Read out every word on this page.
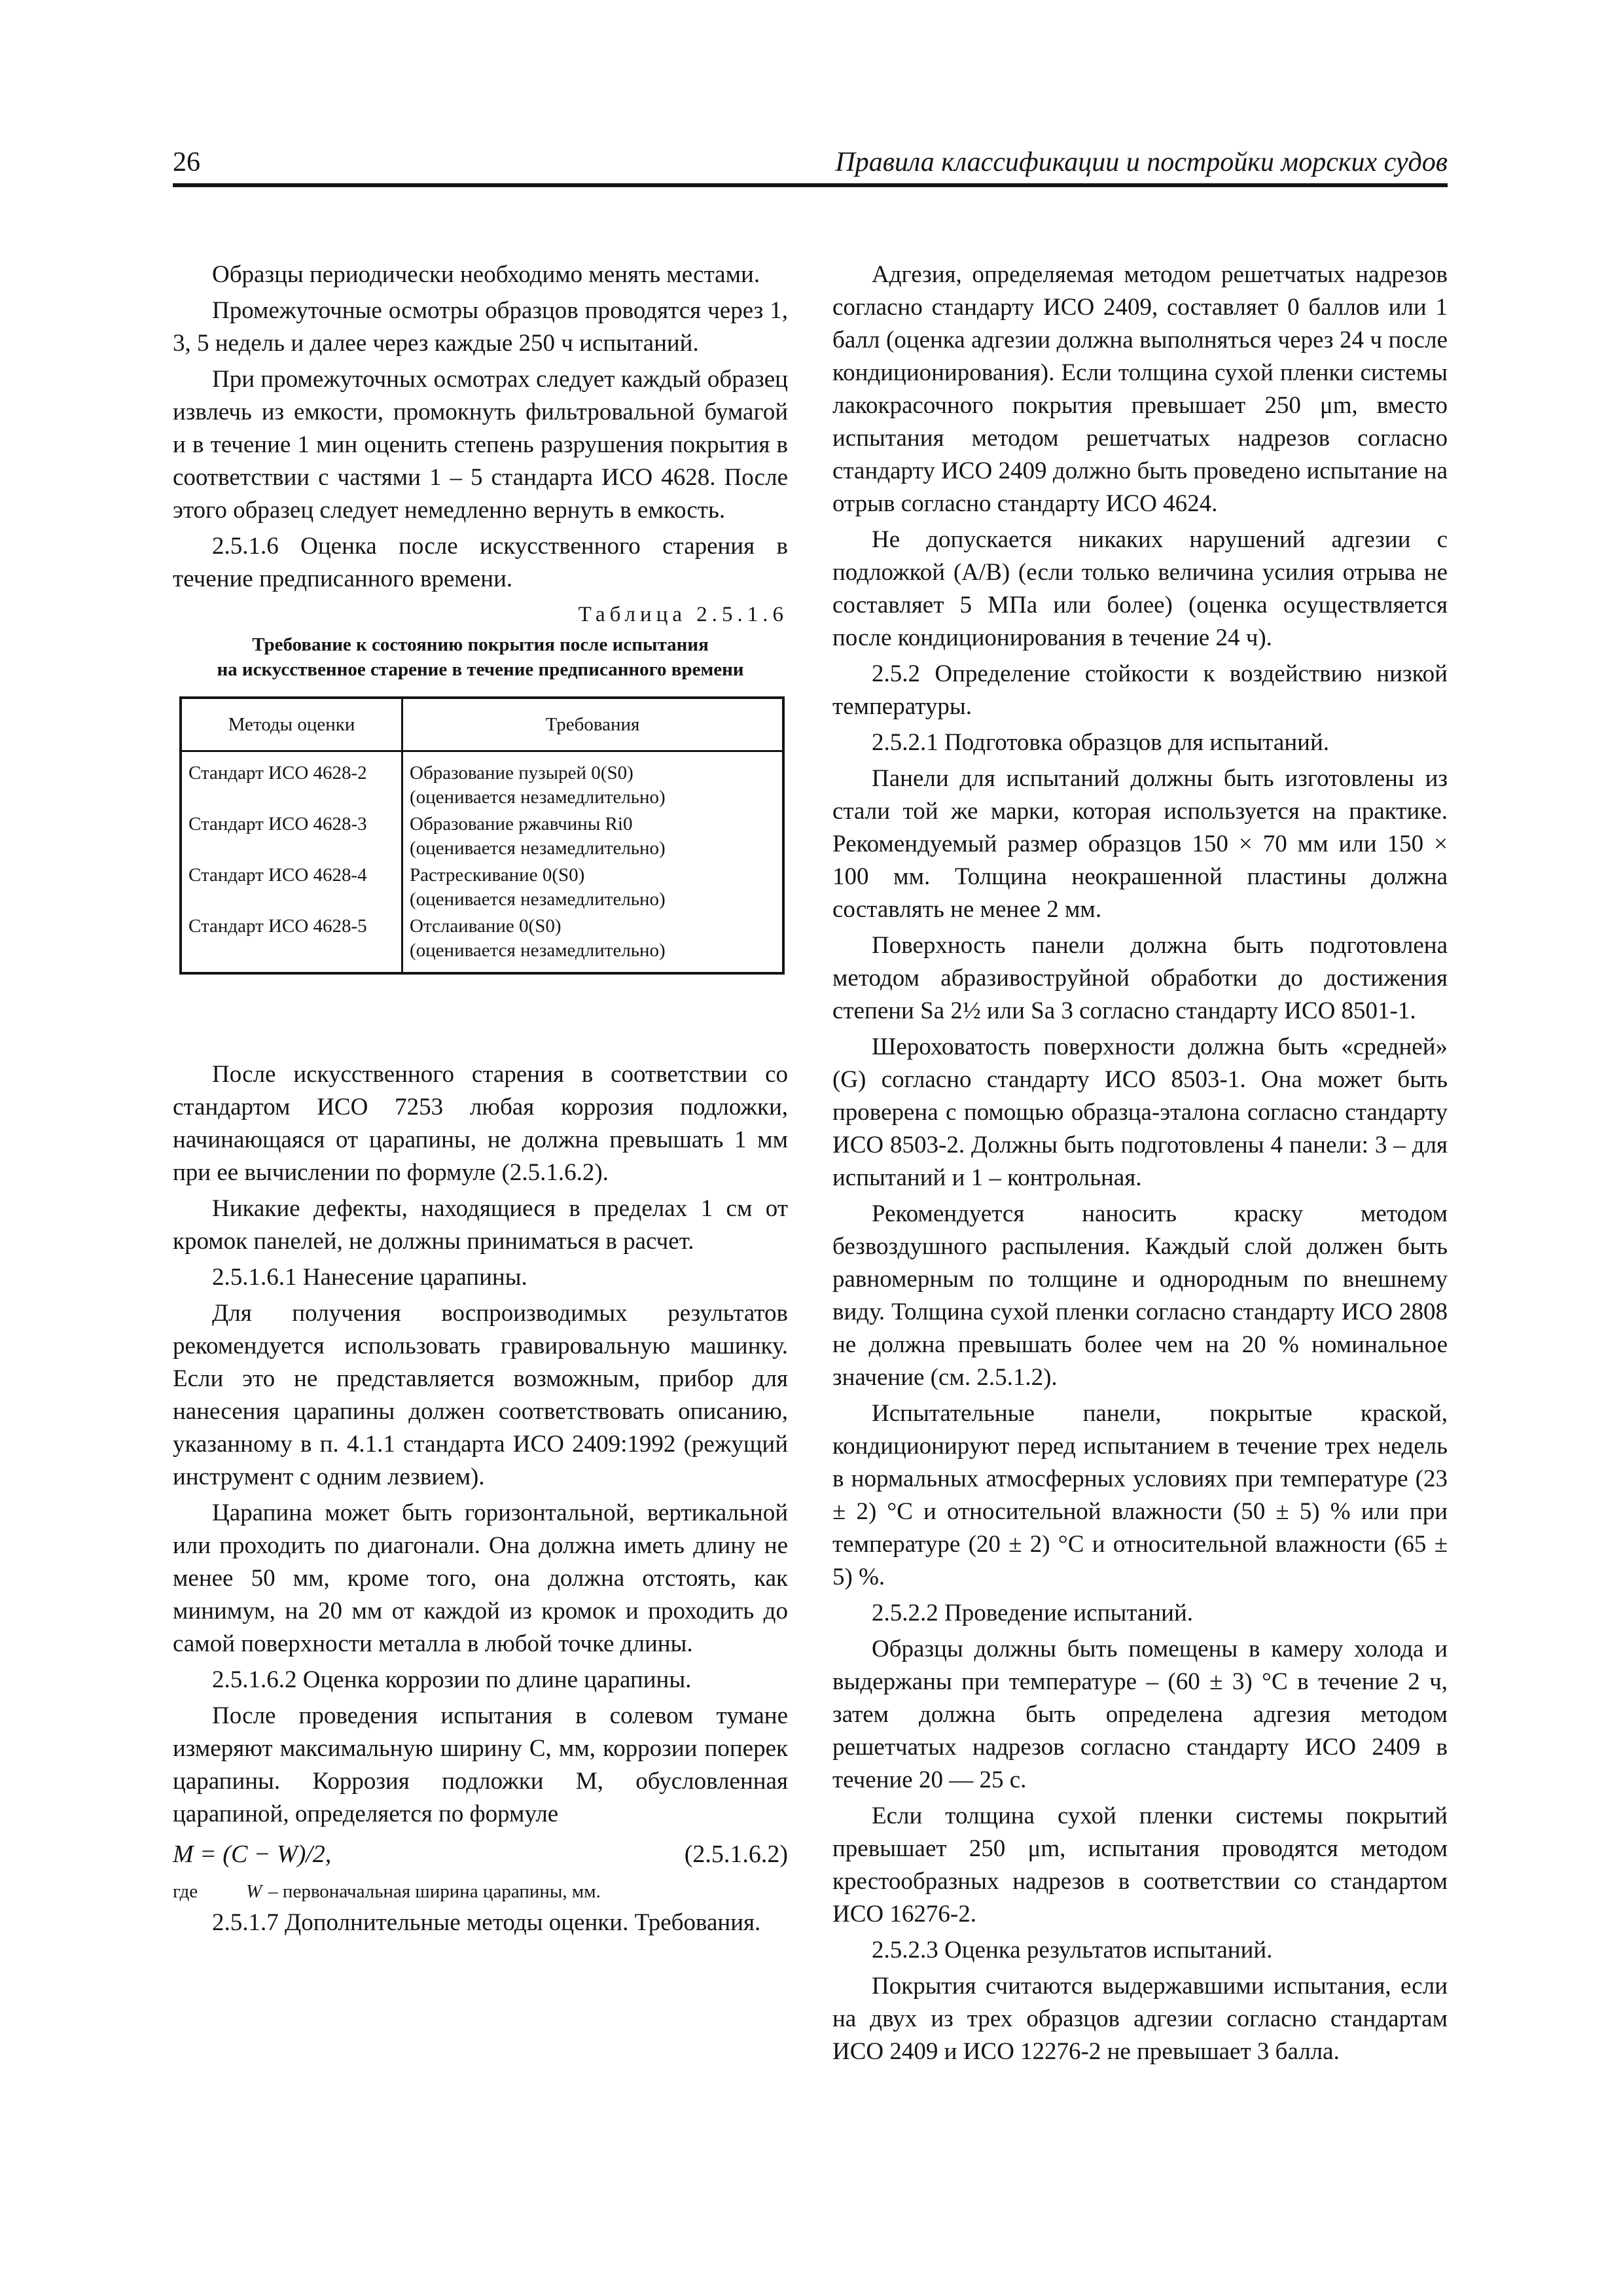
26	Правила классификации и постройки морских судов

Образцы периодически необходимо менять местами.

Промежуточные осмотры образцов проводятся через 1, 3, 5 недель и далее через каждые 250 ч испытаний.

При промежуточных осмотрах следует каждый образец извлечь из емкости, промокнуть фильтровальной бумагой и в течение 1 мин оценить степень разрушения покрытия в соответствии с частями 1 – 5 стандарта ИСО 4628. После этого образец следует немедленно вернуть в емкость.

2.5.1.6 Оценка после искусственного старения в течение предписанного времени.

Таблица 2.5.1.6
Требование к состоянию покрытия после испытания
на искусственное старение в течение предписанного времени
Методы оценки	Требования
Стандарт ИСО 4628-2	Образование пузырей 0(S0)
(оценивается незамедлительно)

Стандарт ИСО 4628-3	Образование ржавчины Ri0
(оценивается незамедлительно)

Стандарт ИСО 4628-4	Растрескивание 0(S0)
(оценивается незамедлительно)

Стандарт ИСО 4628-5	Отслаивание 0(S0)
(оценивается незамедлительно)

После искусственного старения в соответствии со стандартом ИСО 7253 любая коррозия подложки, начинающаяся от царапины, не должна превышать 1 мм при ее вычислении по формуле (2.5.1.6.2).

Никакие дефекты, находящиеся в пределах 1 см от кромок панелей, не должны приниматься в расчет.

2.5.1.6.1 Нанесение царапины.

Для получения воспроизводимых результатов рекомендуется использовать гравировальную машинку. Если это не представляется возможным, прибор для нанесения царапины должен соответствовать описанию, указанному в п. 4.1.1 стандарта ИСО 2409:1992 (режущий инструмент с одним лезвием).

Царапина может быть горизонтальной, вертикальной или проходить по диагонали. Она должна иметь длину не менее 50 мм, кроме того, она должна отстоять, как минимум, на 20 мм от каждой из кромок и проходить до самой поверхности металла в любой точке длины.

2.5.1.6.2 Оценка коррозии по длине царапины.

После проведения испытания в солевом тумане измеряют максимальную ширину C, мм, коррозии поперек царапины. Коррозия подложки M, обусловленная царапиной, определяется по формуле

M = (C − W)/2,	(2.5.1.6.2)
где	W – первоначальная ширина царапины, мм.

2.5.1.7 Дополнительные методы оценки. Требования.

Адгезия, определяемая методом решетчатых надрезов согласно стандарту ИСО 2409, составляет 0 баллов или 1 балл (оценка адгезии должна выполняться через 24 ч после кондиционирования). Если толщина сухой пленки системы лакокрасочного покрытия превышает 250 μm, вместо испытания методом решетчатых надрезов согласно стандарту ИСО 2409 должно быть проведено испытание на отрыв согласно стандарту ИСО 4624.

Не допускается никаких нарушений адгезии с подложкой (A/B) (если только величина усилия отрыва не составляет 5 МПа или более) (оценка осуществляется после кондиционирования в течение 24 ч).

2.5.2 Определение стойкости к воздействию низкой температуры.

2.5.2.1 Подготовка образцов для испытаний.

Панели для испытаний должны быть изготовлены из стали той же марки, которая используется на практике. Рекомендуемый размер образцов 150 × 70 мм или 150 × 100 мм. Толщина неокрашенной пластины должна составлять не менее 2 мм.

Поверхность панели должна быть подготовлена методом абразивоструйной обработки до достижения степени Sa 2½ или Sa 3 согласно стандарту ИСО 8501-1.

Шероховатость поверхности должна быть «средней» (G) согласно стандарту ИСО 8503-1. Она может быть проверена с помощью образца-эталона согласно стандарту ИСО 8503-2. Должны быть подготовлены 4 панели: 3 – для испытаний и 1 – контрольная.

Рекомендуется наносить краску методом безвоздушного распыления. Каждый слой должен быть равномерным по толщине и однородным по внешнему виду. Толщина сухой пленки согласно стандарту ИСО 2808 не должна превышать более чем на 20 % номинальное значение (см. 2.5.1.2).

Испытательные панели, покрытые краской, кондиционируют перед испытанием в течение трех недель в нормальных атмосферных условиях при температуре (23 ± 2) °C и относительной влажности (50 ± 5) % или при температуре (20 ± 2) °C и относительной влажности (65 ± 5) %.

2.5.2.2 Проведение испытаний.

Образцы должны быть помещены в камеру холода и выдержаны при температуре – (60 ± 3) °C в течение 2 ч, затем должна быть определена адгезия методом решетчатых надрезов согласно стандарту ИСО 2409 в течение 20 — 25 с.

Если толщина сухой пленки системы покрытий превышает 250 μm, испытания проводятся методом крестообразных надрезов в соответствии со стандартом ИСО 16276-2.

2.5.2.3 Оценка результатов испытаний.

Покрытия считаются выдержавшими испытания, если на двух из трех образцов адгезии согласно стандартам ИСО 2409 и ИСО 12276-2 не превышает 3 балла.
